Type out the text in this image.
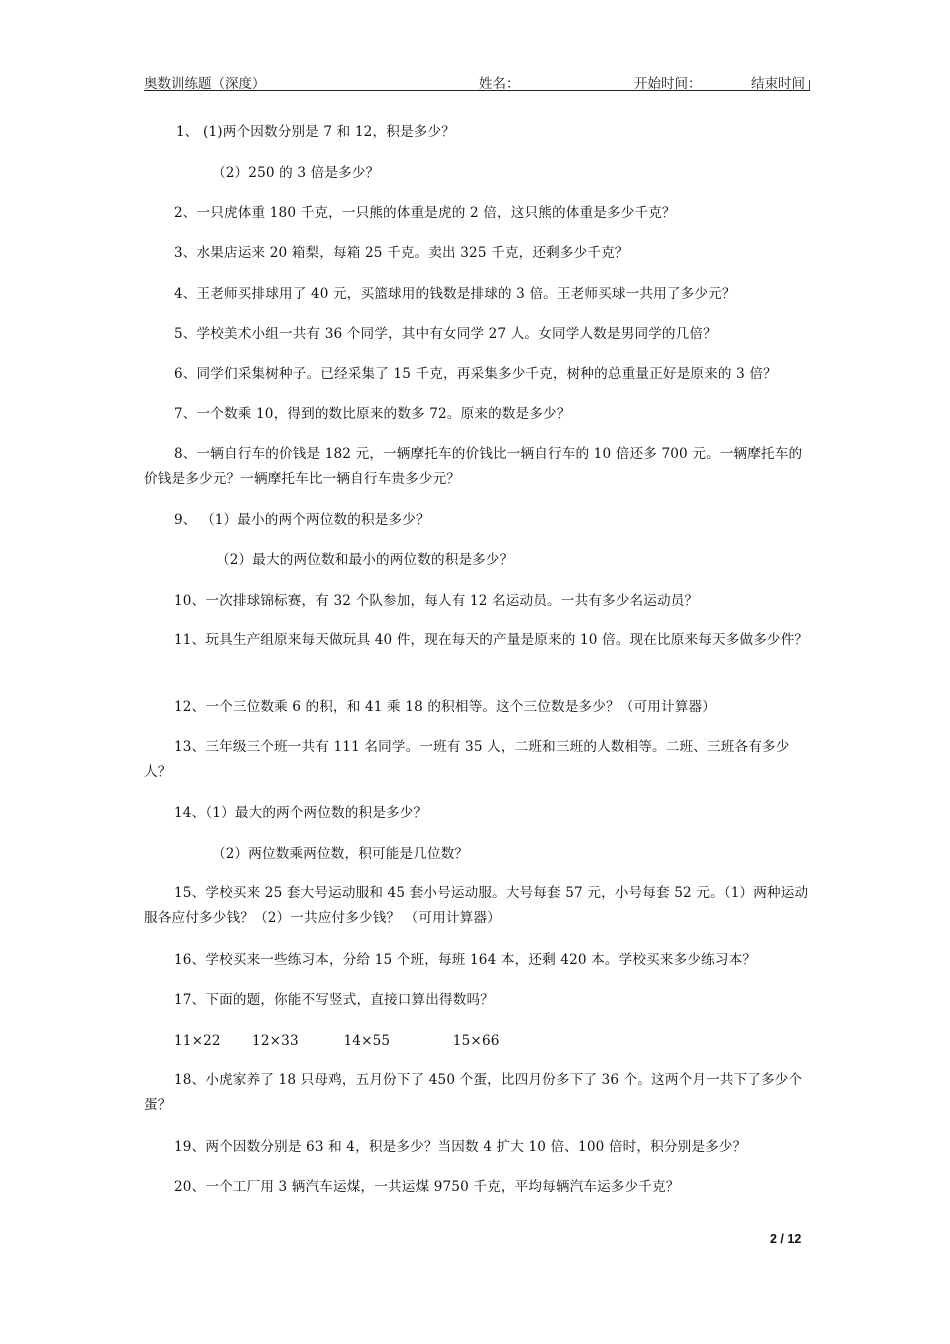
奥数训练题（深度）	姓名：	开始时间：	结束时间
1、 (1)两个因数分别是 7 和 12，积是多少？
（2）250 的 3 倍是多少？
2、一只虎体重 180 千克，一只熊的体重是虎的 2 倍，这只熊的体重是多少千克？
3、水果店运来 20 箱梨，每箱 25 千克。卖出 325 千克，还剩多少千克？
4、王老师买排球用了 40 元，买篮球用的钱数是排球的 3 倍。王老师买球一共用了多少元？
5、学校美术小组一共有 36 个同学，其中有女同学 27 人。女同学人数是男同学的几倍？
6、同学们采集树种子。已经采集了 15 千克，再采集多少千克，树种的总重量正好是原来的 3 倍？
7、一个数乘 10，得到的数比原来的数多 72。原来的数是多少？
8、一辆自行车的价钱是 182 元，一辆摩托车的价钱比一辆自行车的 10 倍还多 700 元。一辆摩托车的价钱是多少元？一辆摩托车比一辆自行车贵多少元？
9、 （1）最小的两个两位数的积是多少？
（2）最大的两位数和最小的两位数的积是多少？
10、一次排球锦标赛，有 32 个队参加，每人有 12 名运动员。一共有多少名运动员？
11、玩具生产组原来每天做玩具 40 件，现在每天的产量是原来的 10 倍。现在比原来每天多做多少件？
12、一个三位数乘 6 的积，和 41 乘 18 的积相等。这个三位数是多少？（可用计算器）
13、三年级三个班一共有 111 名同学。一班有 35 人，二班和三班的人数相等。二班、三班各有多少人？
14、（1）最大的两个两位数的积是多少？
（2）两位数乘两位数，积可能是几位数？
15、学校买来 25 套大号运动服和 45 套小号运动服。大号每套 57 元，小号每套 52 元。（1）两种运动服各应付多少钱？（2）一共应付多少钱？ （可用计算器）
16、学校买来一些练习本，分给 15 个班，每班 164 本，还剩 420 本。学校买来多少练习本？
17、下面的题，你能不写竖式，直接口算出得数吗？
11×22       12×33          14×55              15×66
18、小虎家养了 18 只母鸡，五月份下了 450 个蛋，比四月份多下了 36 个。这两个月一共下了多少个蛋？
19、两个因数分别是 63 和 4，积是多少？当因数 4 扩大 10 倍、100 倍时，积分别是多少？
20、一个工厂用 3 辆汽车运煤，一共运煤 9750 千克，平均每辆汽车运多少千克？
2 / 12
